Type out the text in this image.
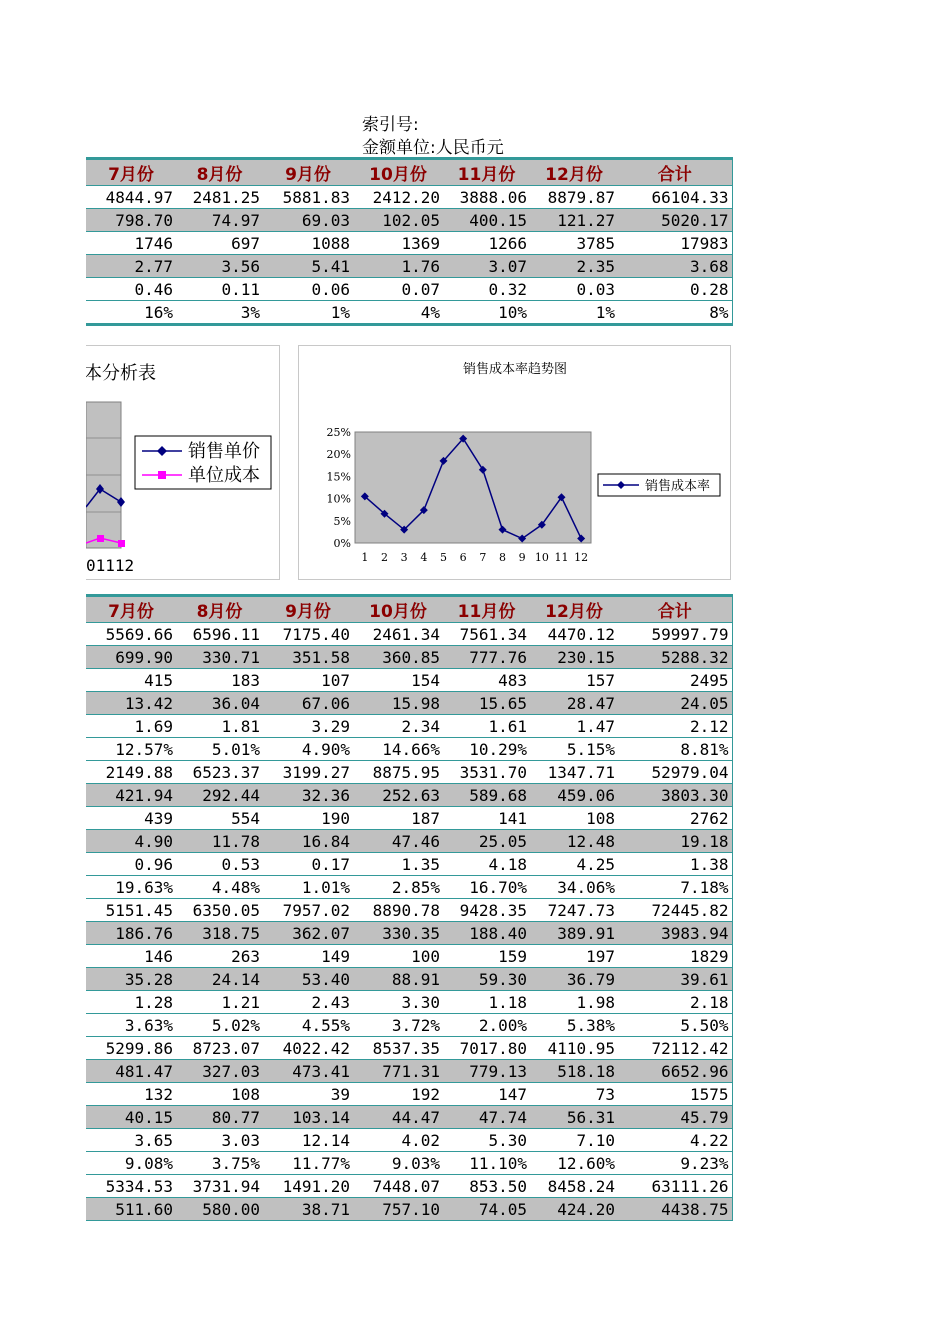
索引号:
金额单位:人民币元
7月份	8月份	9月份	10月份	11月份	12月份	合计
4844.97	2481.25	5881.83	2412.20	3888.06	8879.87	66104.33
798.70	74.97	69.03	102.05	400.15	121.27	5020.17
1746	697	1088	1369	1266	3785	17983
2.77	3.56	5.41	1.76	3.07	2.35	3.68
0.46	0.11	0.06	0.07	0.32	0.03	0.28
16%	3%	1%	4%	10%	1%	8%
本分析表
01112
销售单价
单位成本
销售成本率趋势图
0%
5%
10%
15%
20%
25%
1 2 3 4 5 6 7 8 9 10 11 12
销售成本率
7月份	8月份	9月份	10月份	11月份	12月份	合计
5569.66	6596.11	7175.40	2461.34	7561.34	4470.12	59997.79
699.90	330.71	351.58	360.85	777.76	230.15	5288.32
415	183	107	154	483	157	2495
13.42	36.04	67.06	15.98	15.65	28.47	24.05
1.69	1.81	3.29	2.34	1.61	1.47	2.12
12.57%	5.01%	4.90%	14.66%	10.29%	5.15%	8.81%
2149.88	6523.37	3199.27	8875.95	3531.70	1347.71	52979.04
421.94	292.44	32.36	252.63	589.68	459.06	3803.30
439	554	190	187	141	108	2762
4.90	11.78	16.84	47.46	25.05	12.48	19.18
0.96	0.53	0.17	1.35	4.18	4.25	1.38
19.63%	4.48%	1.01%	2.85%	16.70%	34.06%	7.18%
5151.45	6350.05	7957.02	8890.78	9428.35	7247.73	72445.82
186.76	318.75	362.07	330.35	188.40	389.91	3983.94
146	263	149	100	159	197	1829
35.28	24.14	53.40	88.91	59.30	36.79	39.61
1.28	1.21	2.43	3.30	1.18	1.98	2.18
3.63%	5.02%	4.55%	3.72%	2.00%	5.38%	5.50%
5299.86	8723.07	4022.42	8537.35	7017.80	4110.95	72112.42
481.47	327.03	473.41	771.31	779.13	518.18	6652.96
132	108	39	192	147	73	1575
40.15	80.77	103.14	44.47	47.74	56.31	45.79
3.65	3.03	12.14	4.02	5.30	7.10	4.22
9.08%	3.75%	11.77%	9.03%	11.10%	12.60%	9.23%
5334.53	3731.94	1491.20	7448.07	853.50	8458.24	63111.26
511.60	580.00	38.71	757.10	74.05	424.20	4438.75
